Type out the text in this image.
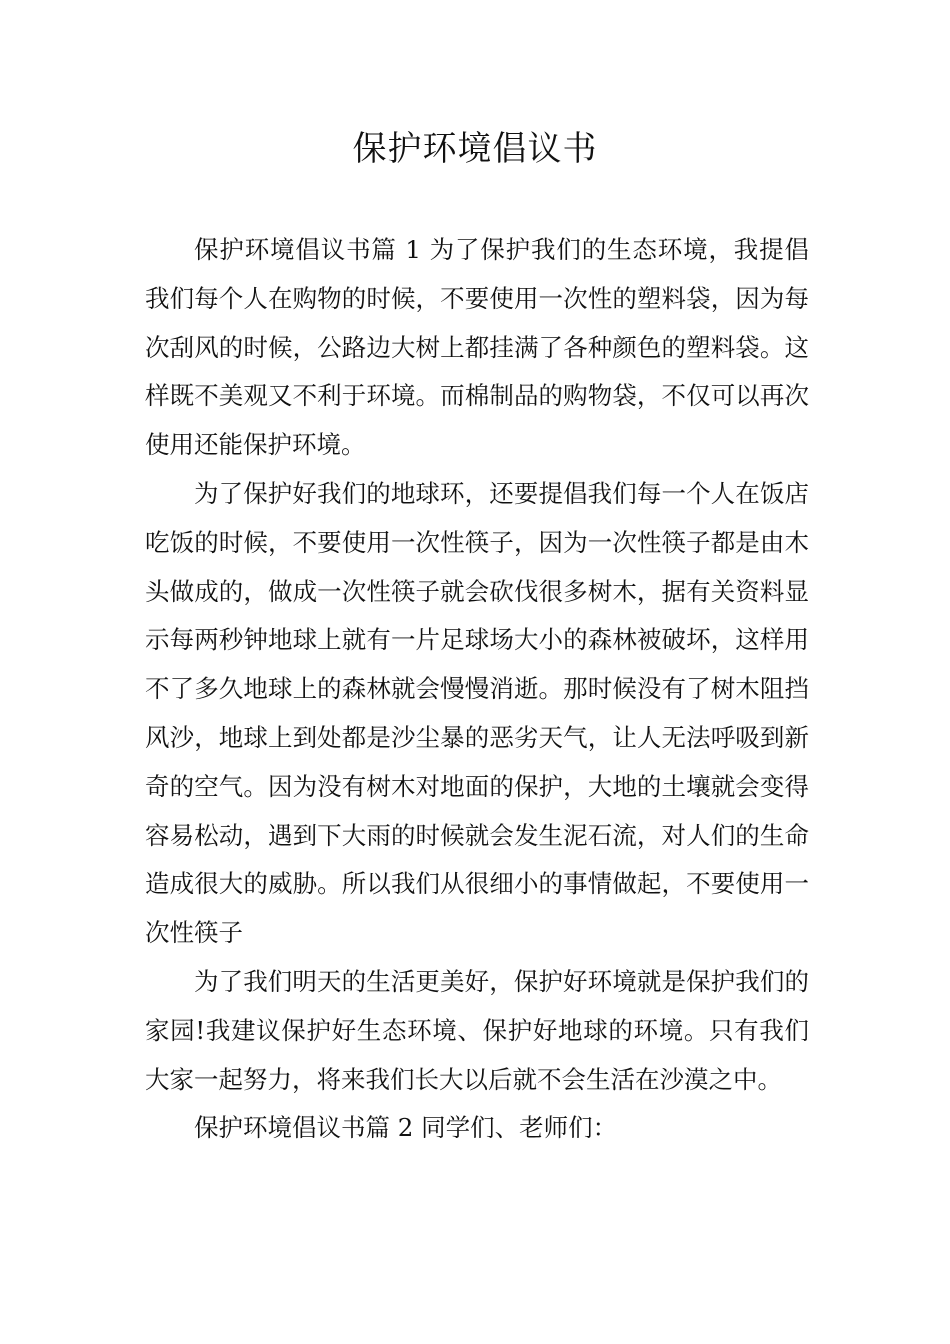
保护环境倡议书

保护环境倡议书篇 1 为了保护我们的生态环境，我提倡我们每个人在购物的时候，不要使用一次性的塑料袋，因为每次刮风的时候，公路边大树上都挂满了各种颜色的塑料袋。这样既不美观又不利于环境。而棉制品的购物袋，不仅可以再次使用还能保护环境。

为了保护好我们的地球环，还要提倡我们每一个人在饭店吃饭的时候，不要使用一次性筷子，因为一次性筷子都是由木头做成的，做成一次性筷子就会砍伐很多树木，据有关资料显示每两秒钟地球上就有一片足球场大小的森林被破坏，这样用不了多久地球上的森林就会慢慢消逝。那时候没有了树木阻挡风沙，地球上到处都是沙尘暴的恶劣天气，让人无法呼吸到新奇的空气。因为没有树木对地面的保护，大地的土壤就会变得容易松动，遇到下大雨的时候就会发生泥石流，对人们的生命造成很大的威胁。所以我们从很细小的事情做起，不要使用一次性筷子

为了我们明天的生活更美好，保护好环境就是保护我们的家园!我建议保护好生态环境、保护好地球的环境。只有我们大家一起努力，将来我们长大以后就不会生活在沙漠之中。

保护环境倡议书篇 2 同学们、老师们：
